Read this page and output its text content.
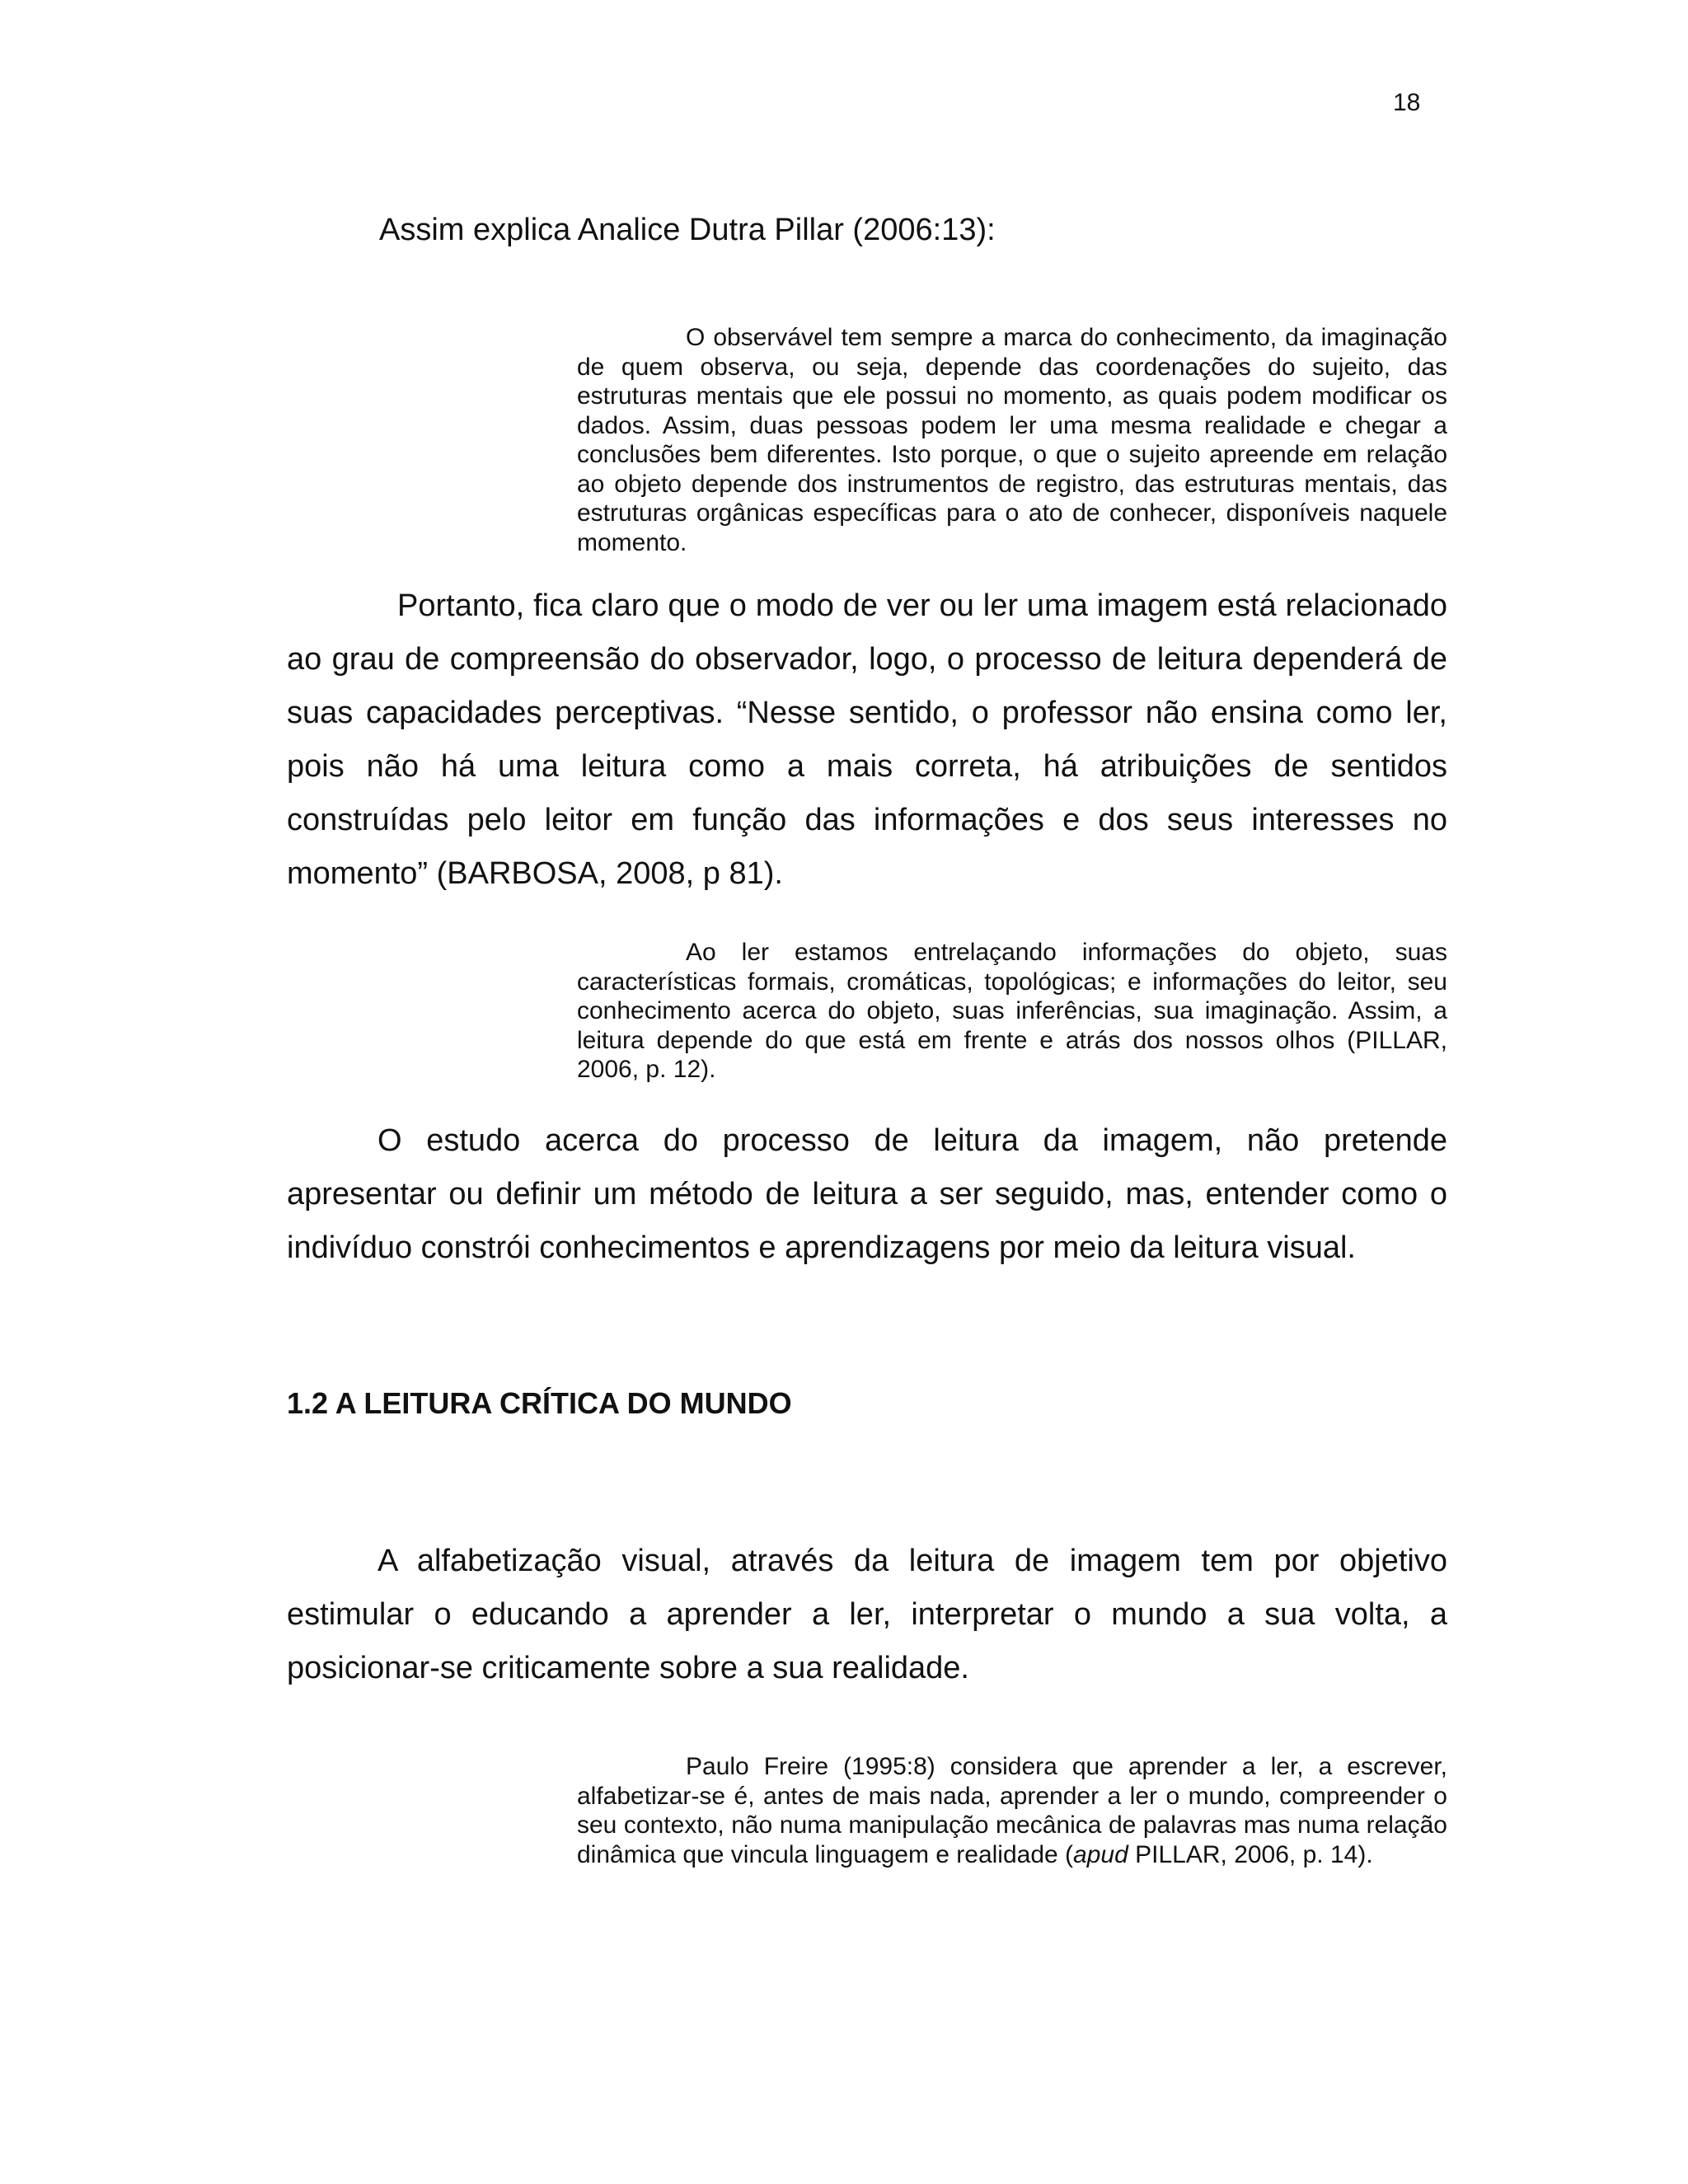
18
Assim explica Analice Dutra Pillar (2006:13):
O observável tem sempre a marca do conhecimento, da imaginação de quem observa, ou seja, depende das coordenações do sujeito, das estruturas mentais que ele possui no momento, as quais podem modificar os dados. Assim, duas pessoas podem ler uma mesma realidade e chegar a conclusões bem diferentes. Isto porque, o que o sujeito apreende em relação ao objeto depende dos instrumentos de registro, das estruturas mentais, das estruturas orgânicas específicas para o ato de conhecer, disponíveis naquele momento.
Portanto, fica claro que o modo de ver ou ler uma imagem está relacionado ao grau de compreensão do observador, logo, o processo de leitura dependerá de suas capacidades perceptivas. “Nesse sentido, o professor não ensina como ler, pois não há uma leitura como a mais correta, há atribuições de sentidos construídas pelo leitor em função das informações e dos seus interesses no momento” (BARBOSA, 2008, p 81).
Ao ler estamos entrelaçando informações do objeto, suas características formais, cromáticas, topológicas; e informações do leitor, seu conhecimento acerca do objeto, suas inferências, sua imaginação. Assim, a leitura depende do que está em frente e atrás dos nossos olhos (PILLAR, 2006, p. 12).
O estudo acerca do processo de leitura da imagem, não pretende apresentar ou definir um método de leitura a ser seguido, mas, entender como o indivíduo constrói conhecimentos e aprendizagens por meio da leitura visual.
1.2 A LEITURA CRÍTICA DO MUNDO
A alfabetização visual, através da leitura de imagem tem por objetivo estimular o educando a aprender a ler, interpretar o mundo a sua volta, a posicionar-se criticamente sobre a sua realidade.
Paulo Freire (1995:8) considera que aprender a ler, a escrever, alfabetizar-se é, antes de mais nada, aprender a ler o mundo, compreender o seu contexto, não numa manipulação mecânica de palavras mas numa relação dinâmica que vincula linguagem e realidade (apud PILLAR, 2006, p. 14).
